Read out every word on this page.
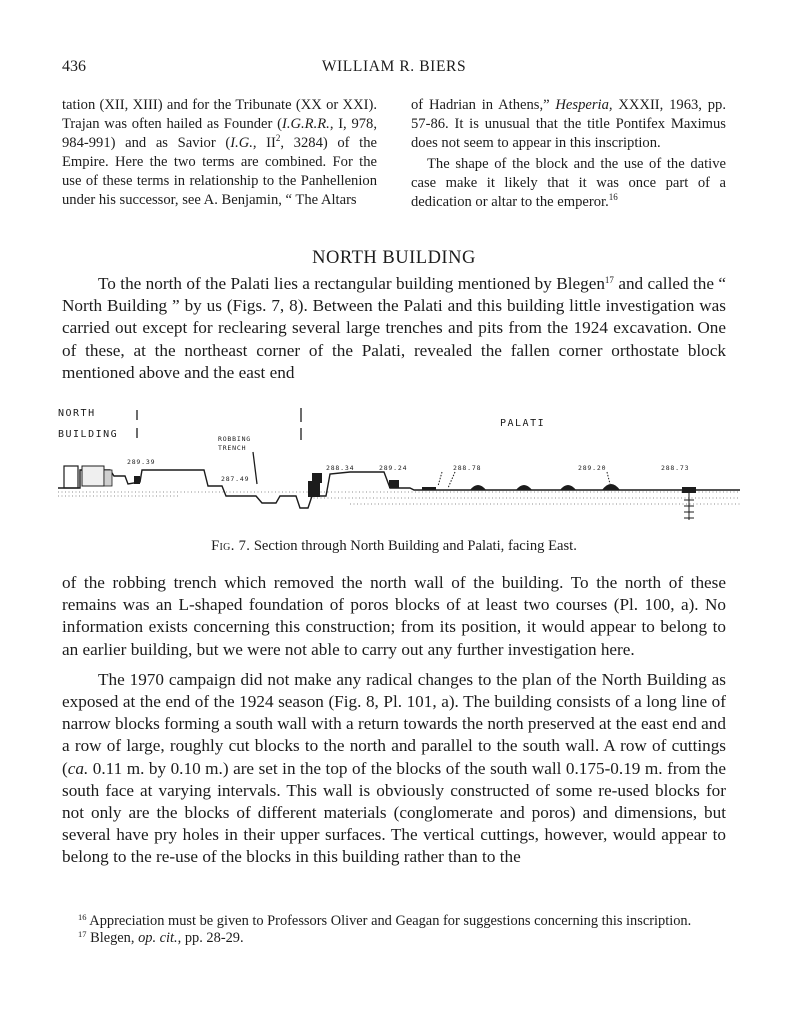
436	WILLIAM R. BIERS

tation (XII, XIII) and for the Tribunate (XX or XXI). Trajan was often hailed as Founder (I.G.R.R., I, 978, 984-991) and as Savior (I.G., $II^2$, 3284) of the Empire. Here the two terms are combined. For the use of these terms in relationship to the Panhellenion under his successor, see A. Benjamin, “ The Altars

of Hadrian in Athens,” Hesperia, XXXII, 1963, pp. 57-86. It is unusual that the title Pontifex Maximus does not seem to appear in this inscription.

The shape of the block and the use of the dative case make it likely that it was once part of a dedication or altar to the emperor.$^{16}$

NORTH BUILDING

To the north of the Palati lies a rectangular building mentioned by Blegen$^{17}$ and called the “ North Building ” by us (Figs. 7, 8). Between the Palati and this building little investigation was carried out except for reclearing several large trenches and pits from the 1924 excavation. One of these, at the northeast corner of the Palati, revealed the fallen corner orthostate block mentioned above and the east end

NORTH
BUILDING
PALATI
ROBBING
TRENCH
289.39
287.49
288.34	289.24	288.78	289.20	288.73
Fig. 7. Section through North Building and Palati, facing East.

of the robbing trench which removed the north wall of the building. To the north of these remains was an L-shaped foundation of poros blocks of at least two courses (Pl. 100, a). No information exists concerning this construction; from its position, it would appear to belong to an earlier building, but we were not able to carry out any further investigation here.

The 1970 campaign did not make any radical changes to the plan of the North Building as exposed at the end of the 1924 season (Fig. 8, Pl. 101, a). The building consists of a long line of narrow blocks forming a south wall with a return towards the north preserved at the east end and a row of large, roughly cut blocks to the north and parallel to the south wall. A row of cuttings (ca. 0.11 m. by 0.10 m.) are set in the top of the blocks of the south wall 0.175-0.19 m. from the south face at varying intervals. This wall is obviously constructed of some re-used blocks for not only are the blocks of different materials (conglomerate and poros) and dimensions, but several have pry holes in their upper surfaces. The vertical cuttings, however, would appear to belong to the re-use of the blocks in this building rather than to the

$^{16}$ Appreciation must be given to Professors Oliver and Geagan for suggestions concerning this inscription.

$^{17}$ Blegen, op. cit., pp. 28-29.
